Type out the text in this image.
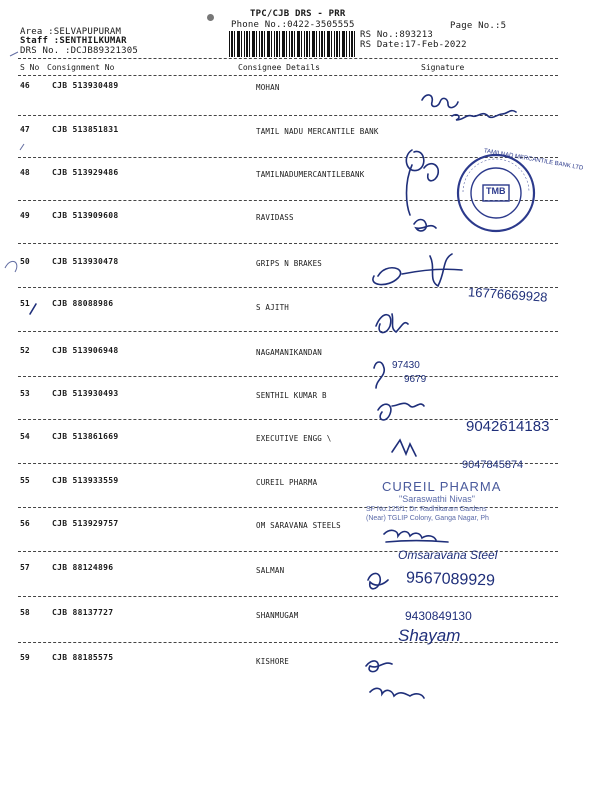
TPC/CJB DRS - PRR
Phone No.:0422-3505555	Page No.:5
Area :SELVAPUPURAM
Staff :SENTHILKUMAR
DRS No. :DCJB89321305
RS No.:893213
RS Date:17-Feb-2022
S No Consignment No	Consignee Details	Signature
46	CJB 513930489	MOHAN
47	CJB 513851831	TAMIL NADU MERCANTILE BANK
48	CJB 513929486	TAMILNADUMERCANTILEBANK
49	CJB 513909608	RAVIDASS
50	CJB 513930478	GRIPS N BRAKES
51	CJB 88088986	S AJITH
52	CJB 513906948	NAGAMANIKANDAN
53	CJB 513930493	SENTHIL KUMAR B
54	CJB 513861669	EXECUTIVE ENGG \
55	CJB 513933559	CUREIL PHARMA
56	CJB 513929757	OM SARAVANA STEELS
57	CJB 88124896	SALMAN
58	CJB 88137727	SHANMUGAM
59	CJB 88185575	KISHORE
TAMILNAD MERCANTILE BANK LTD
TMB
CUREIL PHARMA
"Saraswathi Nivas"
SF No.125/1, Dr. Radhikaram Gardens
(Near) TGLIP Colony, Ganga Nagar, Ph
16776669928
97430
9679
9042614183
9047845874
Omsaravana Steel
9567089929
9430849130
Shayam
